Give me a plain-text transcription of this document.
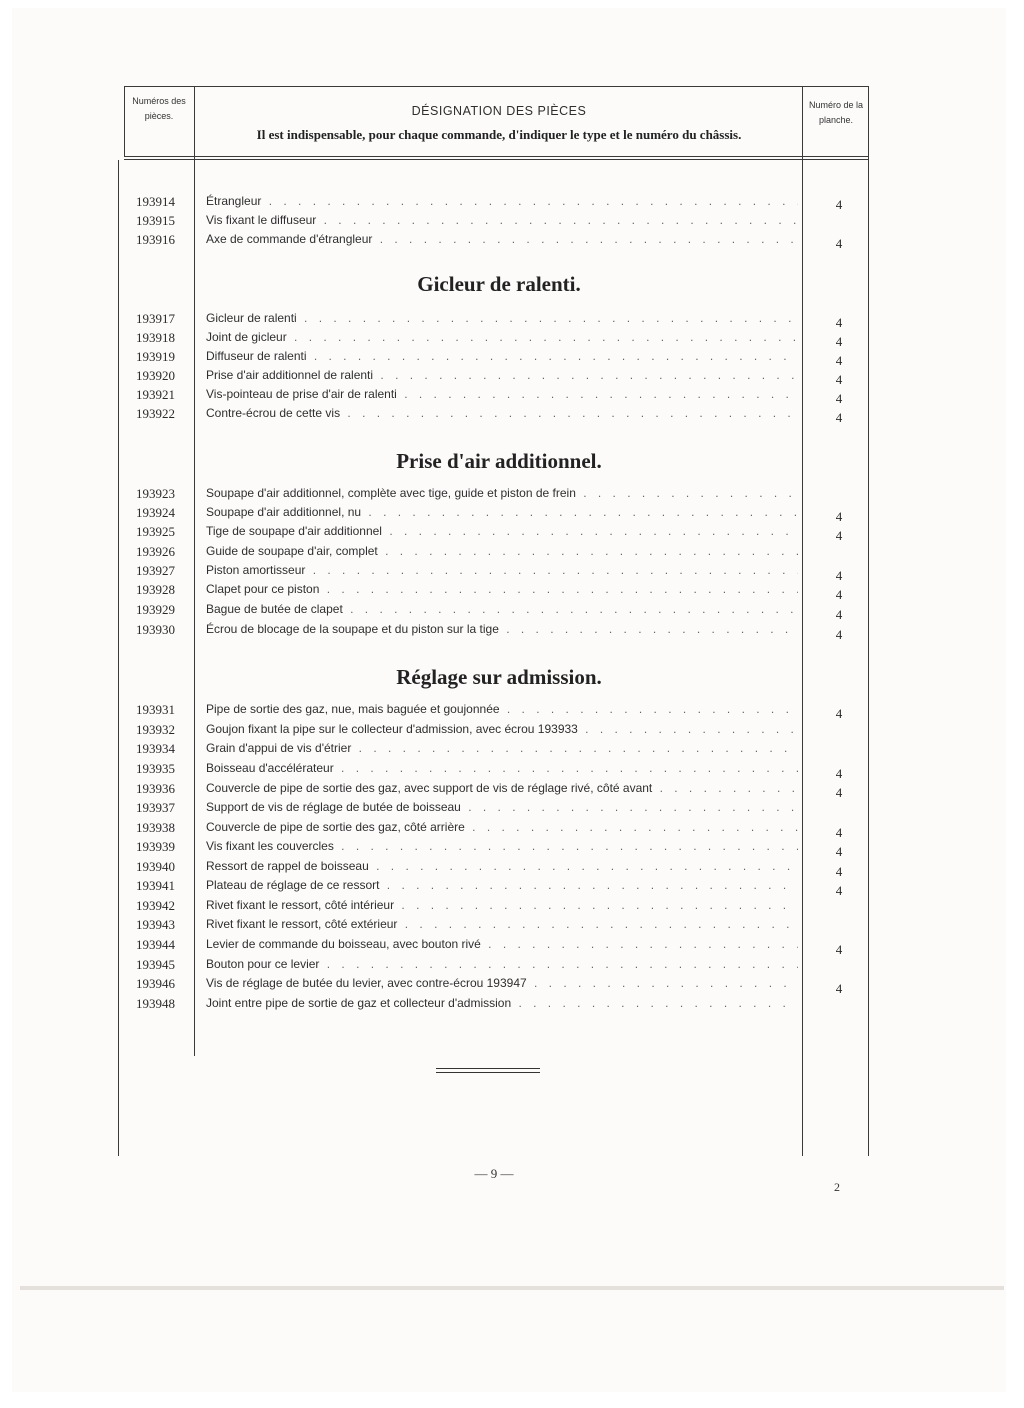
Numéros des pièces.	DÉSIGNATION DES PIÈCES
Il est indispensable, pour chaque commande, d'indiquer le type et le numéro du châssis.
Numéro de la planche.
193914	Étrangleur . . .	4
193915	Vis fixant le diffuseur . . .
193916	Axe de commande d'étrangleur . . .	4
Gicleur de ralenti.
193917	Gicleur de ralenti . . .	4
193918	Joint de gicleur . . .	4
193919	Diffuseur de ralenti . . .	4
193920	Prise d'air additionnel de ralenti . . .	4
193921	Vis-pointeau de prise d'air de ralenti . . .	4
193922	Contre-écrou de cette vis . . .	4
Prise d'air additionnel.
193923	Soupape d'air additionnel, complète avec tige, guide et piston de frein . . .
193924	Soupape d'air additionnel, nu . . .	4
193925	Tige de soupape d'air additionnel . . .	4
193926	Guide de soupape d'air, complet . . .
193927	Piston amortisseur . . .	4
193928	Clapet pour ce piston . . .	4
193929	Bague de butée de clapet . . .	4
193930	Écrou de blocage de la soupape et du piston sur la tige . . .	4
Réglage sur admission.
193931	Pipe de sortie des gaz, nue, mais baguée et goujonnée . . .	4
193932	Goujon fixant la pipe sur le collecteur d'admission, avec écrou 193933 . . .
193934	Grain d'appui de vis d'étrier . . .
193935	Boisseau d'accélérateur . . .	4
193936	Couvercle de pipe de sortie des gaz, avec support de vis de réglage rivé, côté avant . . .	4
193937	Support de vis de réglage de butée de boisseau . . .
193938	Couvercle de pipe de sortie des gaz, côté arrière . . .	4
193939	Vis fixant les couvercles . . .	4
193940	Ressort de rappel de boisseau . . .	4
193941	Plateau de réglage de ce ressort . . .	4
193942	Rivet fixant le ressort, côté intérieur . . .
193943	Rivet fixant le ressort, côté extérieur . . .
193944	Levier de commande du boisseau, avec bouton rivé . . .	4
193945	Bouton pour ce levier . . .
193946	Vis de réglage de butée du levier, avec contre-écrou 193947 . . .	4
193948	Joint entre pipe de sortie de gaz et collecteur d'admission . . .
— 9 —
2
